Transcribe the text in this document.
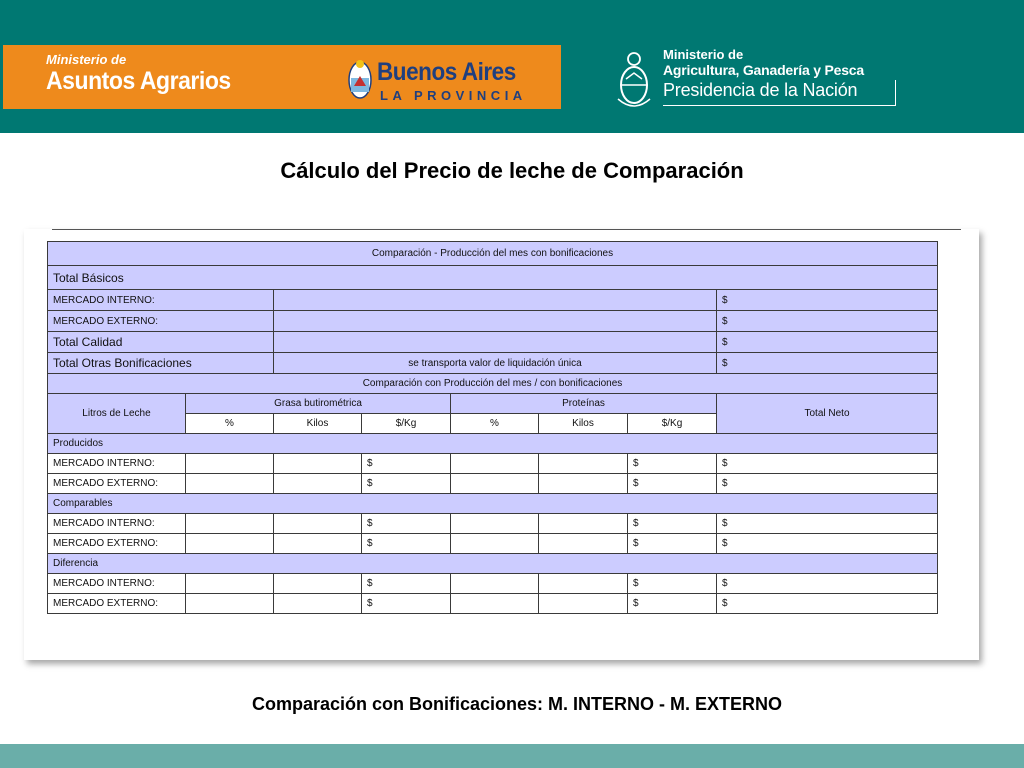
Ministerio de
Asuntos Agrarios	Buenos Aires
LA PROVINCIA
Ministerio de
Agricultura, Ganadería y Pesca
Presidencia de la Nación
Cálculo del Precio de leche de Comparación
Comparación - Producción del mes con bonificaciones							
Total Básicos							
MERCADO INTERNO:							$
MERCADO EXTERNO:							$
Total Calidad							$
Total Otras Bonificaciones		se transporta valor de liquidación única					$
Comparación con Producción del mes / con bonificaciones							
Litros de Leche	Grasa butirométrica			Proteínas			Total Neto
	%	Kilos	$/Kg	%	Kilos	$/Kg	
Producidos							
MERCADO INTERNO:			$			$	$
MERCADO EXTERNO:			$			$	$
Comparables							
MERCADO INTERNO:			$			$	$
MERCADO EXTERNO:			$			$	$
Diferencia							
MERCADO INTERNO:			$			$	$
MERCADO EXTERNO:			$			$	$
Comparación con Bonificaciones: M. INTERNO - M. EXTERNO
